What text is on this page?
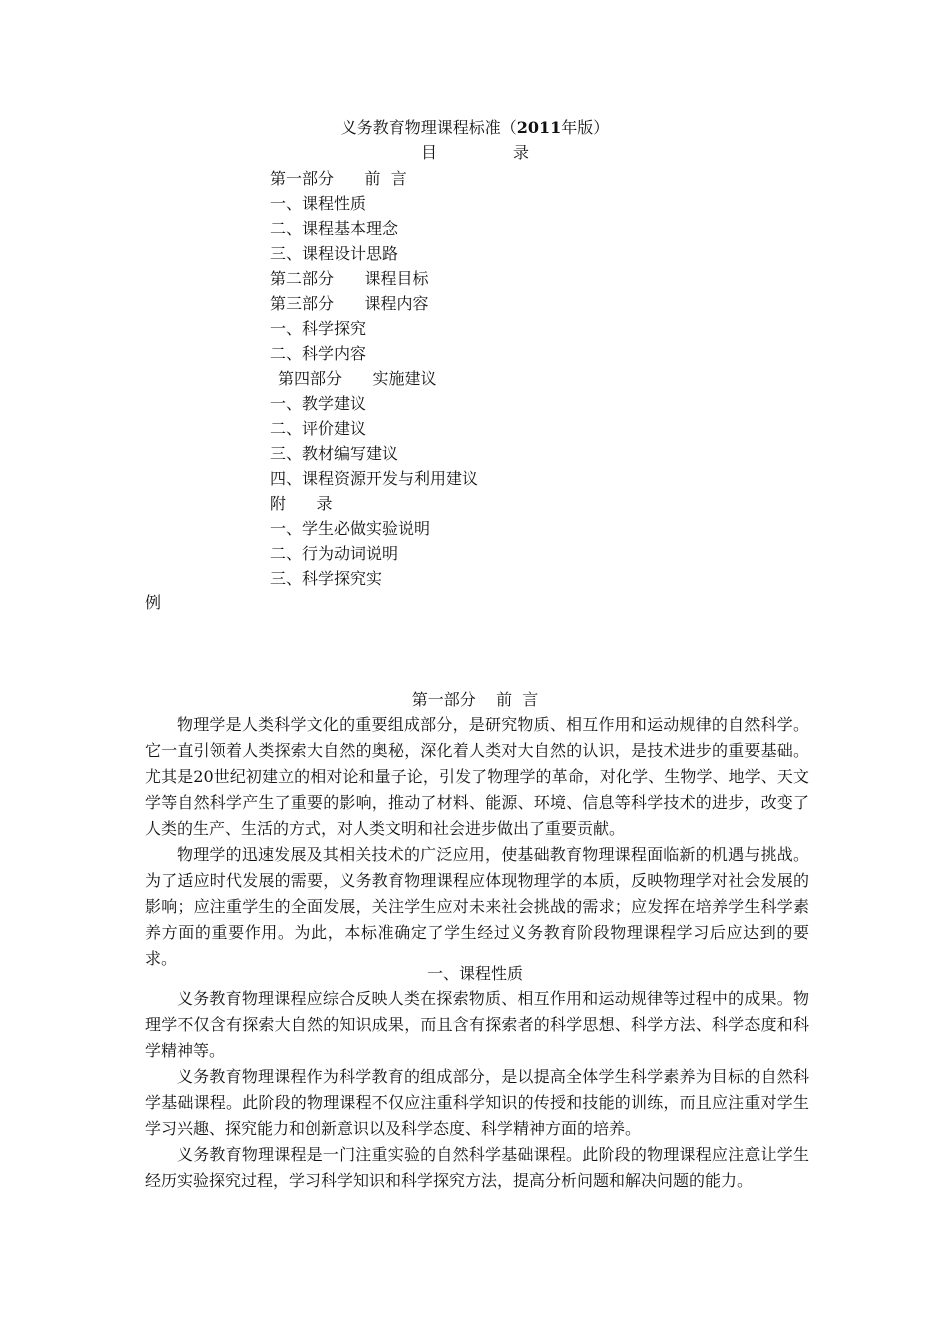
义务教育物理课程标准（2011年版）
目录
第一部分      前  言
一、课程性质
二、课程基本理念
三、课程设计思路
第二部分      课程目标
第三部分      课程内容
一、科学探究
二、科学内容
第四部分      实施建议
一、教学建议
二、评价建议
三、教材编写建议
四、课程资源开发与利用建议
附      录
一、学生必做实验说明
二、行为动词说明
三、科学探究实
例
第一部分    前  言

物理学是人类科学文化的重要组成部分，是研究物质、相互作用和运动规律的自然科学。它一直引领着人类探索大自然的奥秘，深化着人类对大自然的认识，是技术进步的重要基础。尤其是20世纪初建立的相对论和量子论，引发了物理学的革命，对化学、生物学、地学、天文学等自然科学产生了重要的影响，推动了材料、能源、环境、信息等科学技术的进步，改变了人类的生产、生活的方式，对人类文明和社会进步做出了重要贡献。

物理学的迅速发展及其相关技术的广泛应用，使基础教育物理课程面临新的机遇与挑战。为了适应时代发展的需要，义务教育物理课程应体现物理学的本质，反映物理学对社会发展的影响；应注重学生的全面发展，关注学生应对未来社会挑战的需求；应发挥在培养学生科学素养方面的重要作用。为此，本标准确定了学生经过义务教育阶段物理课程学习后应达到的要求。

一、课程性质

义务教育物理课程应综合反映人类在探索物质、相互作用和运动规律等过程中的成果。物理学不仅含有探索大自然的知识成果，而且含有探索者的科学思想、科学方法、科学态度和科学精神等。

义务教育物理课程作为科学教育的组成部分，是以提高全体学生科学素养为目标的自然科学基础课程。此阶段的物理课程不仅应注重科学知识的传授和技能的训练，而且应注重对学生学习兴趣、探究能力和创新意识以及科学态度、科学精神方面的培养。

义务教育物理课程是一门注重实验的自然科学基础课程。此阶段的物理课程应注意让学生经历实验探究过程，学习科学知识和科学探究方法，提高分析问题和解决问题的能力。
